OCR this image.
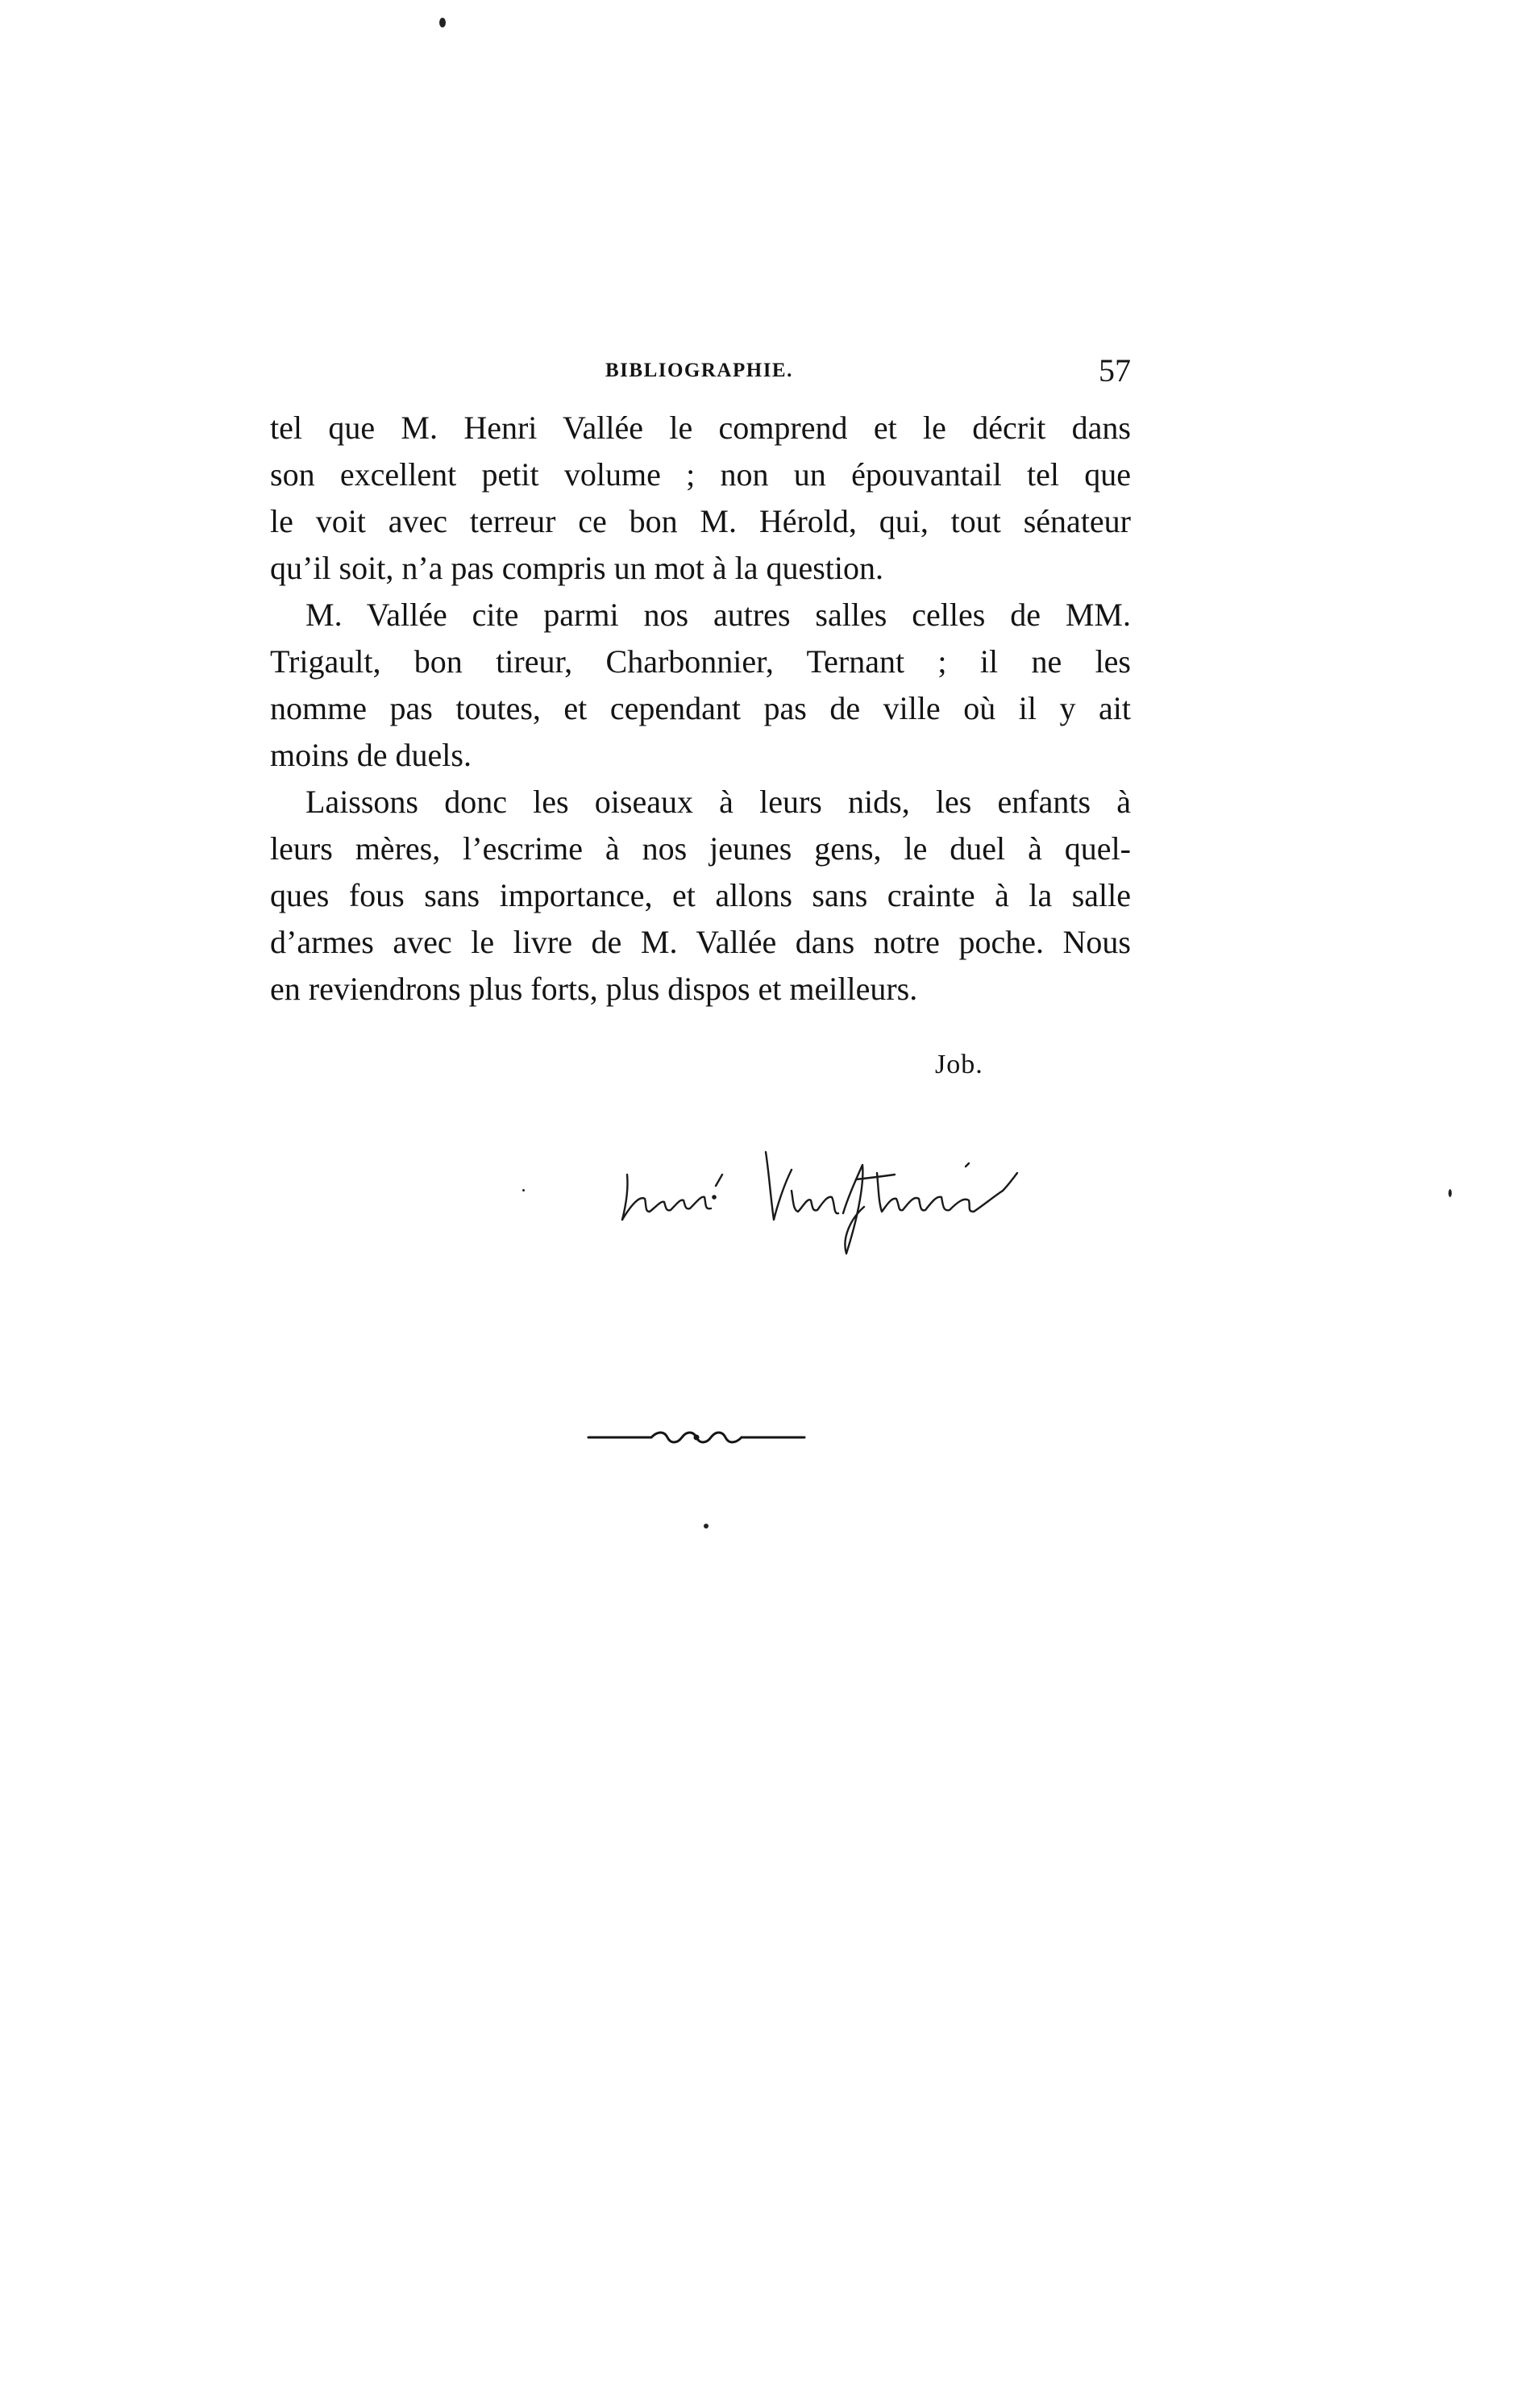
BIBLIOGRAPHIE.	57
tel que M. Henri Vallée le comprend et le décrit dans
son excellent petit volume ; non un épouvantail tel que
le voit avec terreur ce bon M. Hérold, qui, tout sénateur
qu’il soit, n’a pas compris un mot à la question.
M. Vallée cite parmi nos autres salles celles de MM.
Trigault, bon tireur, Charbonnier, Ternant ; il ne les
nomme pas toutes, et cependant pas de ville où il y ait
moins de duels.
Laissons donc les oiseaux à leurs nids, les enfants à
leurs mères, l’escrime à nos jeunes gens, le duel à quel-
ques fous sans importance, et allons sans crainte à la salle
d’armes avec le livre de M. Vallée dans notre poche. Nous
en reviendrons plus forts, plus dispos et meilleurs.
Job.
